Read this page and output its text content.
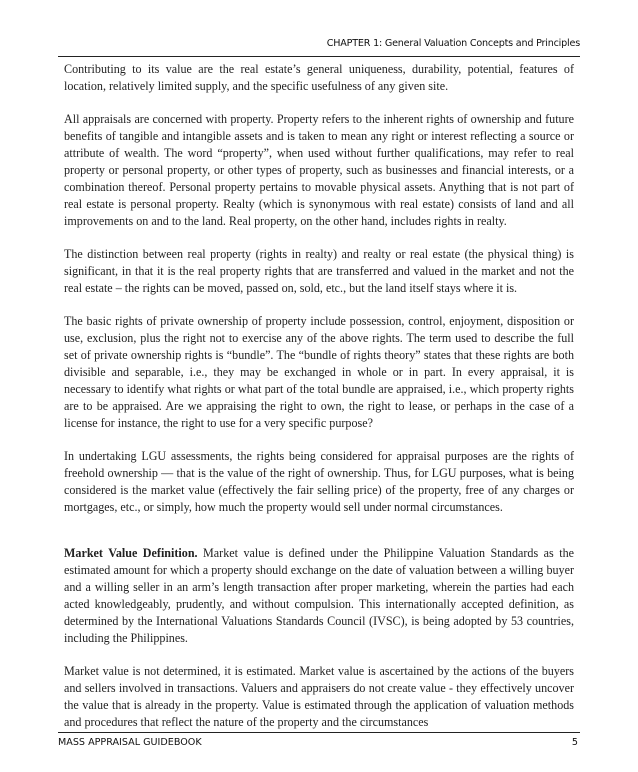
CHAPTER 1: General Valuation Concepts and Principles

Contributing to its value are the real estate’s general uniqueness, durability, potential, features of location, relatively limited supply, and the specific usefulness of any given site.

All appraisals are concerned with property. Property refers to the inherent rights of ownership and future benefits of tangible and intangible assets and is taken to mean any right or interest reflecting a source or attribute of wealth. The word “property”, when used without further qualifications, may refer to real property or personal property, or other types of property, such as businesses and financial interests, or a combination thereof. Personal property pertains to movable physical assets. Anything that is not part of real estate is personal property. Realty (which is synonymous with real estate) consists of land and all improvements on and to the land. Real property, on the other hand, includes rights in realty.

The distinction between real property (rights in realty) and realty or real estate (the physical thing) is significant, in that it is the real property rights that are transferred and valued in the market and not the real estate – the rights can be moved, passed on, sold, etc., but the land itself stays where it is.

The basic rights of private ownership of property include possession, control, enjoyment, disposition or use, exclusion, plus the right not to exercise any of the above rights. The term used to describe the full set of private ownership rights is “bundle”. The “bundle of rights theory” states that these rights are both divisible and separable, i.e., they may be exchanged in whole or in part. In every appraisal, it is necessary to identify what rights or what part of the total bundle are appraised, i.e., which property rights are to be appraised. Are we appraising the right to own, the right to lease, or perhaps in the case of a license for instance, the right to use for a very specific purpose?

In undertaking LGU assessments, the rights being considered for appraisal purposes are the rights of freehold ownership — that is the value of the right of ownership. Thus, for LGU purposes, what is being considered is the market value (effectively the fair selling price) of the property, free of any charges or mortgages, etc., or simply, how much the property would sell under normal circumstances.

Market Value Definition. Market value is defined under the Philippine Valuation Standards as the estimated amount for which a property should exchange on the date of valuation between a willing buyer and a willing seller in an arm’s length transaction after proper marketing, wherein the parties had each acted knowledgeably, prudently, and without compulsion. This internationally accepted definition, as determined by the International Valuations Standards Council (IVSC), is being adopted by 53 countries, including the Philippines.

Market value is not determined, it is estimated. Market value is ascertained by the actions of the buyers and sellers involved in transactions. Valuers and appraisers do not create value - they effectively uncover the value that is already in the property. Value is estimated through the application of valuation methods and procedures that reflect the nature of the property and the circumstances

MASS APPRAISAL GUIDEBOOK	5
